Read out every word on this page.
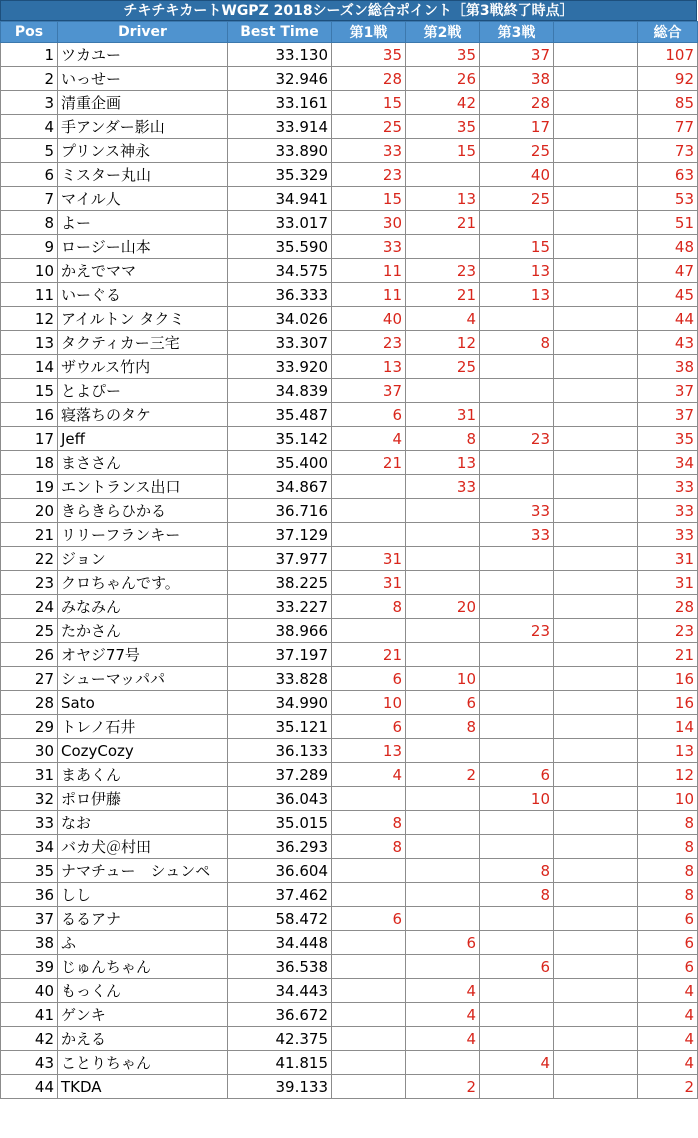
チキチキカートWGPZ 2018シーズン総合ポイント［第3戦終了時点］
Pos	Driver	Best Time	第1戦	第2戦	第3戦		総合
1	ツカユー	33.130	35	35	37		107
2	いっせー	32.946	28	26	38		92
3	清重企画	33.161	15	42	28		85
4	手アンダー影山	33.914	25	35	17		77
5	プリンス神永	33.890	33	15	25		73
6	ミスター丸山	35.329	23		40		63
7	マイル人	34.941	15	13	25		53
8	よー	33.017	30	21			51
9	ロージー山本	35.590	33		15		48
10	かえでママ	34.575	11	23	13		47
11	いーぐる	36.333	11	21	13		45
12	アイルトン タクミ	34.026	40	4			44
13	タクティカー三宅	33.307	23	12	8		43
14	ザウルス竹内	33.920	13	25			38
15	とよぴー	34.839	37				37
16	寝落ちのタケ	35.487	6	31			37
17	Jeff	35.142	4	8	23		35
18	まささん	35.400	21	13			34
19	エントランス出口	34.867		33			33
20	きらきらひかる	36.716			33		33
21	リリーフランキー	37.129			33		33
22	ジョン	37.977	31				31
23	クロちゃんです。	38.225	31				31
24	みなみん	33.227	8	20			28
25	たかさん	38.966			23		23
26	オヤジ77号	37.197	21				21
27	シューマッパパ	33.828	6	10			16
28	Sato	34.990	10	6			16
29	トレノ石井	35.121	6	8			14
30	CozyCozy	36.133	13				13
31	まあくん	37.289	4	2	6		12
32	ポロ伊藤	36.043			10		10
33	なお	35.015	8				8
34	バカ犬＠村田	36.293	8				8
35	ナマチュー　シュンペ	36.604			8		8
36	しし	37.462			8		8
37	るるアナ	58.472	6				6
38	ふ	34.448		6			6
39	じゅんちゃん	36.538			6		6
40	もっくん	34.443		4			4
41	ゲンキ	36.672		4			4
42	かえる	42.375		4			4
43	ことりちゃん	41.815			4		4
44	TKDA	39.133		2			2
